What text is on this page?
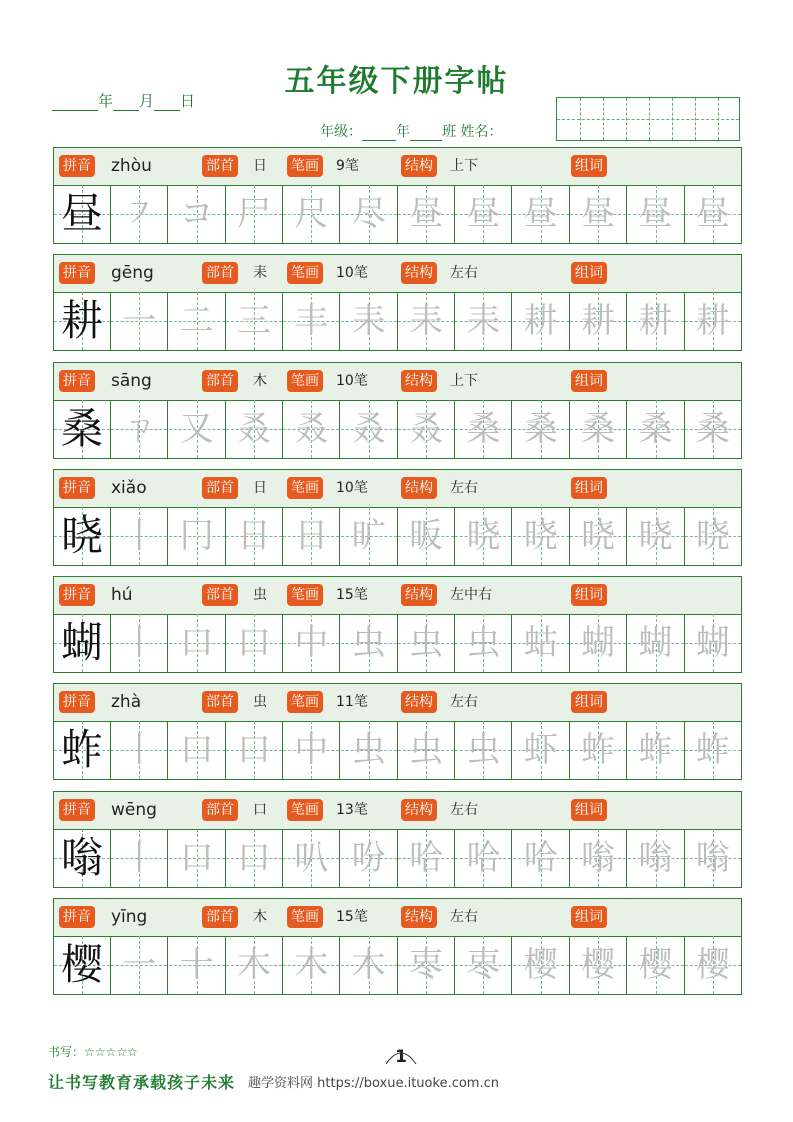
五年级下册字帖
年 月 日
年级： 年 班 姓名：
拼音	部首	笔画	结构	组词
zhòu	日	9笔	上下
昼 ㇇ コ 尸 尺 尽 昼 昼 昼 昼 昼 昼
拼音	部首	笔画	结构	组词
gēng	耒	10笔	左右
耕 一 二 三 丰 耒 耒 耒 耕 耕 耕 耕
拼音	部首	笔画	结构	组词
sāng	木	10笔	上下
桑 ㄗ 又 叒 叒 叒 叒 桑 桑 桑 桑 桑
拼音	部首	笔画	结构	组词
xiǎo	日	10笔	左右
晓 丨 冂 日 日 旷 昄 晓 晓 晓 晓 晓
拼音	部首	笔画	结构	组词
hú	虫	15笔	左中右
蝴 丨 口 口 中 虫 虫 虫 蛄 蝴 蝴 蝴
拼音	部首	笔画	结构	组词
zhà	虫	11笔	左右
蚱 丨 口 口 中 虫 虫 虫 虾 蚱 蚱 蚱
拼音	部首	笔画	结构	组词
wēng	口	13笔	左右
嗡 丨 口 口 叭 吩 哈 哈 哈 嗡 嗡 嗡
拼音	部首	笔画	结构	组词
yīng	木	15笔	左右
樱 一 十 木 木 木 栆 栆 樱 樱 樱 樱
书写：☆☆☆☆☆	1
让书写教育承载孩子未来 趣学资料网 https://boxue.ituoke.com.cn
